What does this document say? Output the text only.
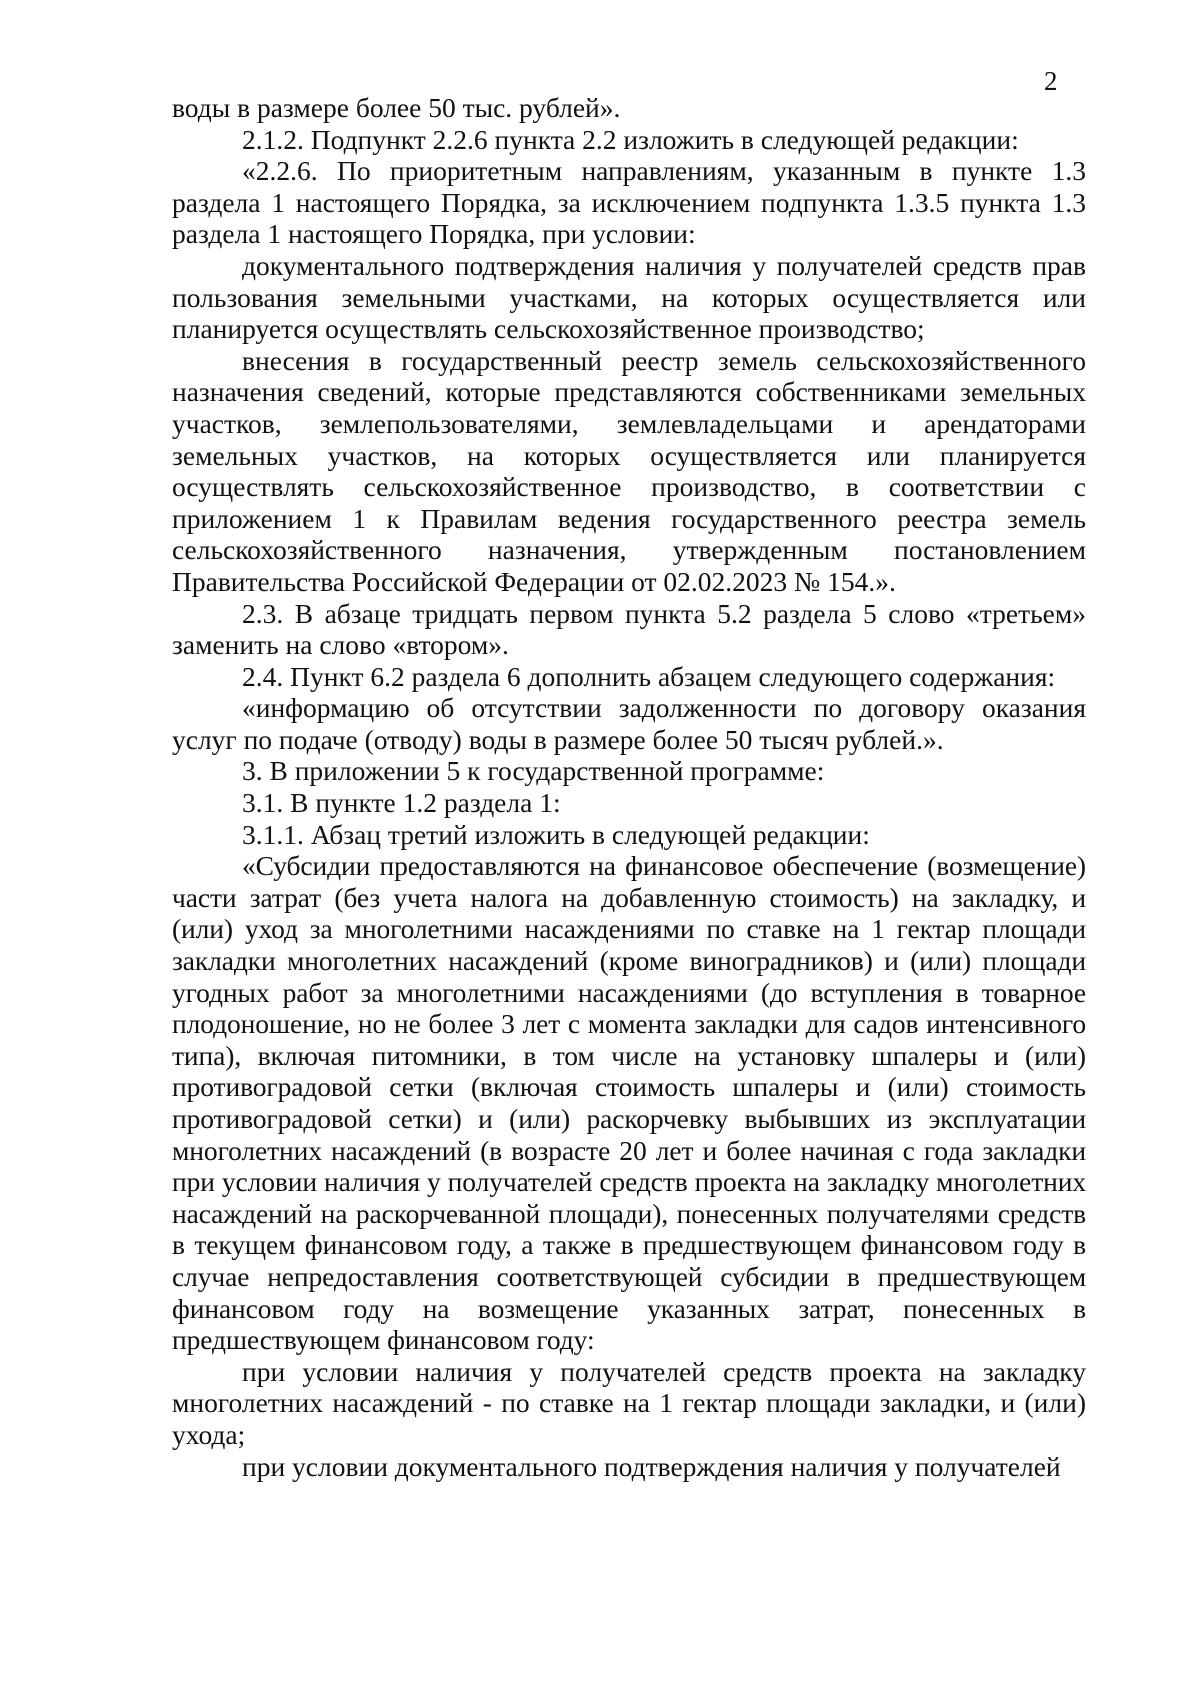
2

воды в размере более 50 тыс. рублей».

2.1.2. Подпункт 2.2.6 пункта 2.2 изложить в следующей редакции:

«2.2.6. По приоритетным направлениям, указанным в пункте 1.3 раздела 1 настоящего Порядка, за исключением подпункта 1.3.5 пункта 1.3 раздела 1 настоящего Порядка, при условии:

документального подтверждения наличия у получателей средств прав пользования земельными участками, на которых осуществляется или планируется осуществлять сельскохозяйственное производство;

внесения в государственный реестр земель сельскохозяйственного назначения сведений, которые представляются собственниками земельных участков, землепользователями, землевладельцами и арендаторами земельных участков, на которых осуществляется или планируется осуществлять сельскохозяйственное производство, в соответствии с приложением 1 к Правилам ведения государственного реестра земель сельскохозяйственного назначения, утвержденным постановлением Правительства Российской Федерации от 02.02.2023 № 154.».

2.3. В абзаце тридцать первом пункта 5.2 раздела 5 слово «третьем» заменить на слово «втором».

2.4. Пункт 6.2 раздела 6 дополнить абзацем следующего содержания:

«информацию об отсутствии задолженности по договору оказания услуг по подаче (отводу) воды в размере более 50 тысяч рублей.».

3. В приложении 5 к государственной программе:

3.1. В пункте 1.2 раздела 1:

3.1.1. Абзац третий изложить в следующей редакции:

«Субсидии предоставляются на финансовое обеспечение (возмещение) части затрат (без учета налога на добавленную стоимость) на закладку, и (или) уход за многолетними насаждениями по ставке на 1 гектар площади закладки многолетних насаждений (кроме виноградников) и (или) площади угодных работ за многолетними насаждениями (до вступления в товарное плодоношение, но не более 3 лет с момента закладки для садов интенсивного типа), включая питомники, в том числе на установку шпалеры и (или) противоградовой сетки (включая стоимость шпалеры и (или) стоимость противоградовой сетки) и (или) раскорчевку выбывших из эксплуатации многолетних насаждений (в возрасте 20 лет и более начиная с года закладки при условии наличия у получателей средств проекта на закладку многолетних насаждений на раскорчеванной площади), понесенных получателями средств в текущем финансовом году, а также в предшествующем финансовом году в случае непредоставления соответствующей субсидии в предшествующем финансовом году на возмещение указанных затрат, понесенных в предшествующем финансовом году:

при условии наличия у получателей средств проекта на закладку многолетних насаждений - по ставке на 1 гектар площади закладки, и (или) ухода;

при условии документального подтверждения наличия у получателей
